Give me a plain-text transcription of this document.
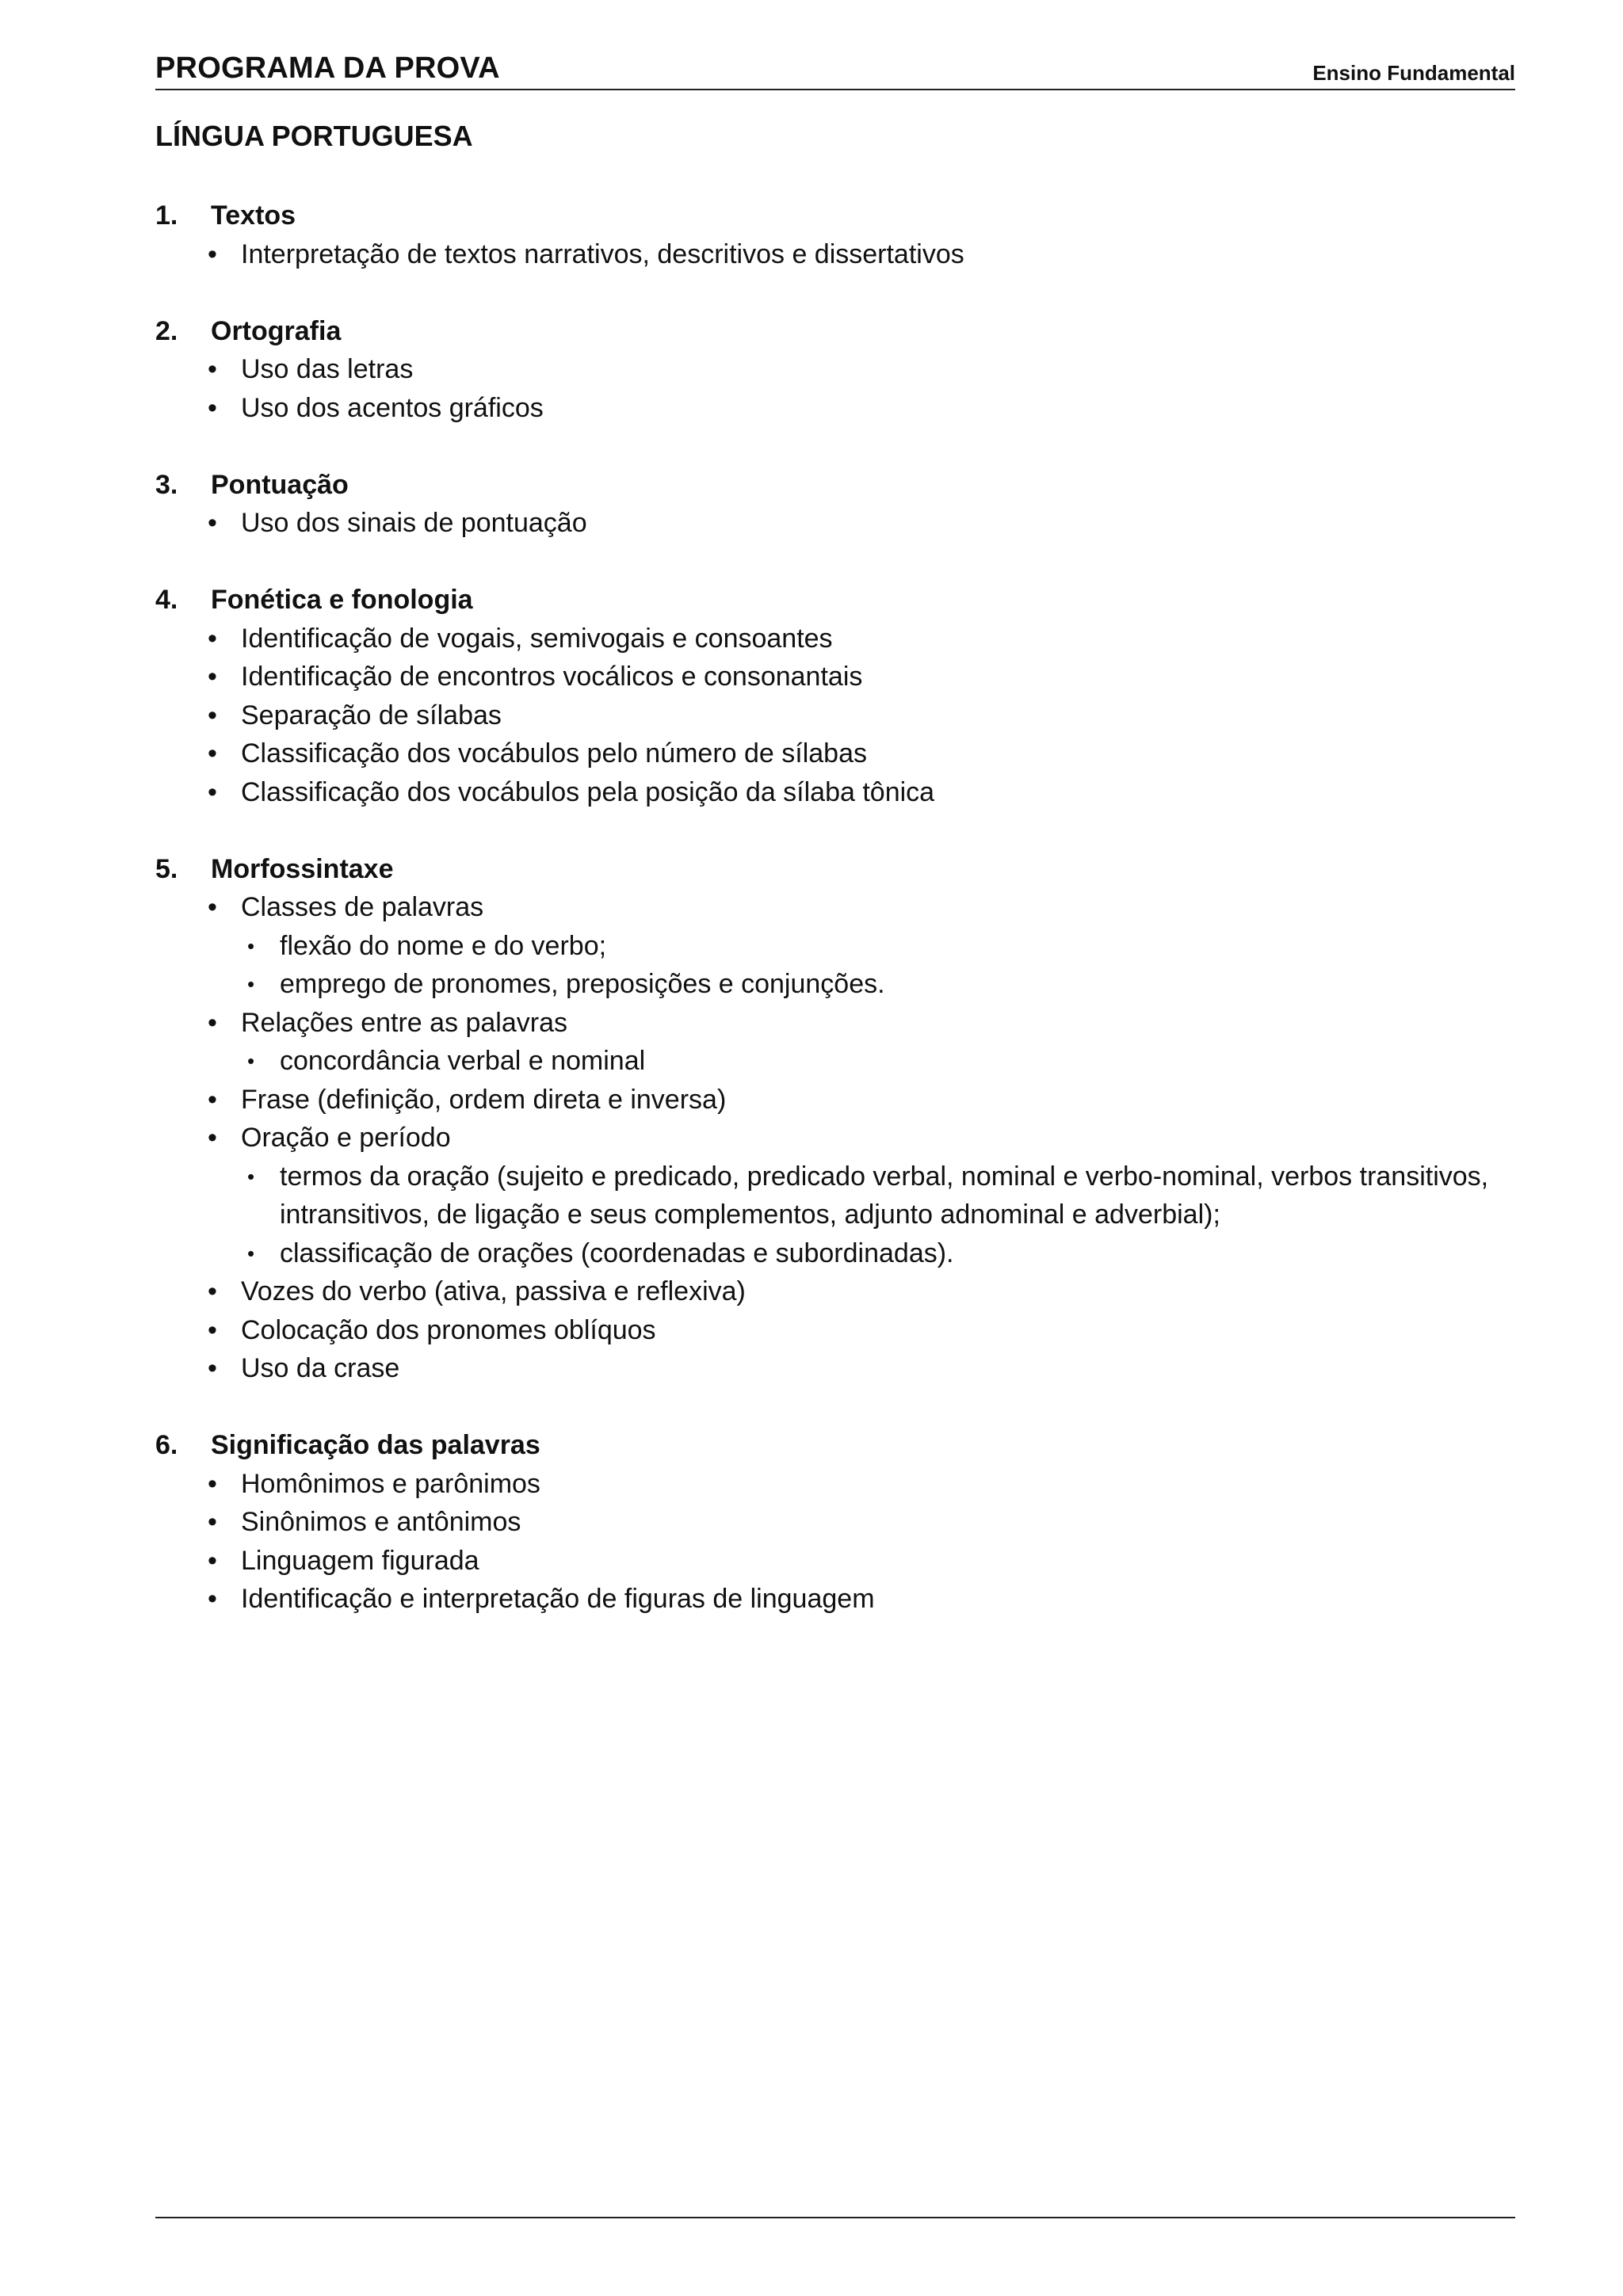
PROGRAMA DA PROVA	Ensino Fundamental
LÍNGUA PORTUGUESA
1.	Textos
• Interpretação de textos narrativos, descritivos e dissertativos
2.	Ortografia
• Uso das letras
• Uso dos acentos gráficos
3.	Pontuação
• Uso dos sinais de pontuação
4.	Fonética e fonologia
• Identificação de vogais, semivogais e consoantes
• Identificação de encontros vocálicos e consonantais
• Separação de sílabas
• Classificação dos vocábulos pelo número de sílabas
• Classificação dos vocábulos pela posição da sílaba tônica
5.	Morfossintaxe
• Classes de palavras
• flexão do nome e do verbo;
• emprego de pronomes, preposições e conjunções.
• Relações entre as palavras
• concordância verbal e nominal
• Frase (definição, ordem direta e inversa)
• Oração e período
• termos da oração (sujeito e predicado, predicado verbal, nominal e verbo-nominal, verbos transitivos, intransitivos, de ligação e seus complementos, adjunto adnominal e adverbial);
• classificação de orações (coordenadas e subordinadas).
• Vozes do verbo (ativa, passiva e reflexiva)
• Colocação dos pronomes oblíquos
• Uso da crase
6.	Significação das palavras
• Homônimos e parônimos
• Sinônimos e antônimos
• Linguagem figurada
• Identificação e interpretação de figuras de linguagem
